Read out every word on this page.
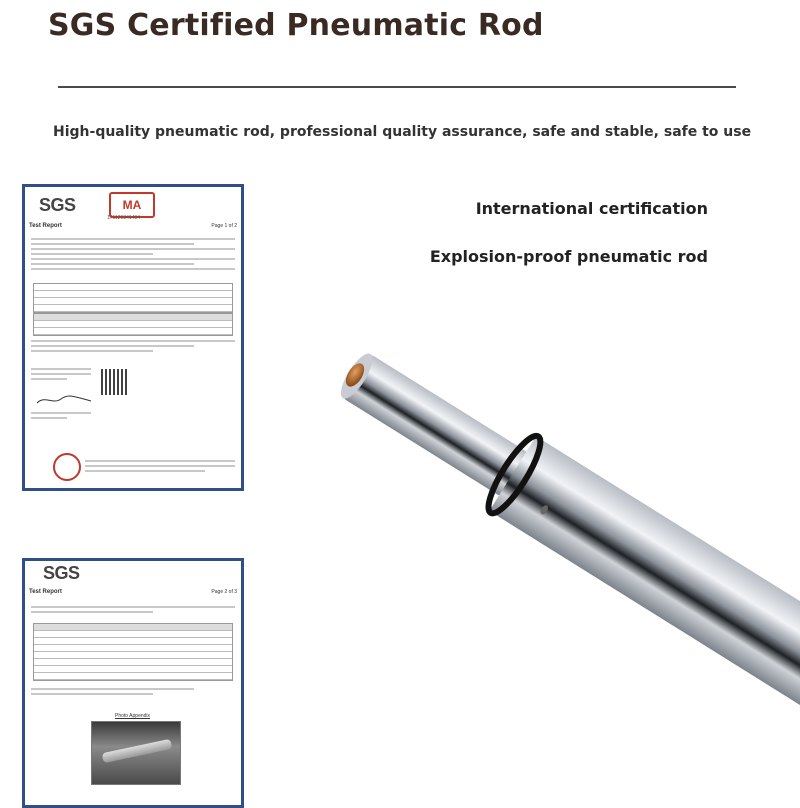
SGS Certified Pneumatic Rod
High-quality pneumatic rod, professional quality assurance, safe and stable, safe to use
International certification
Explosion-proof pneumatic rod
SGS	MA
171120341434
Test Report	Page 1 of 2
SGS
Test Report	Page 2 of 3
Photo Appendix
